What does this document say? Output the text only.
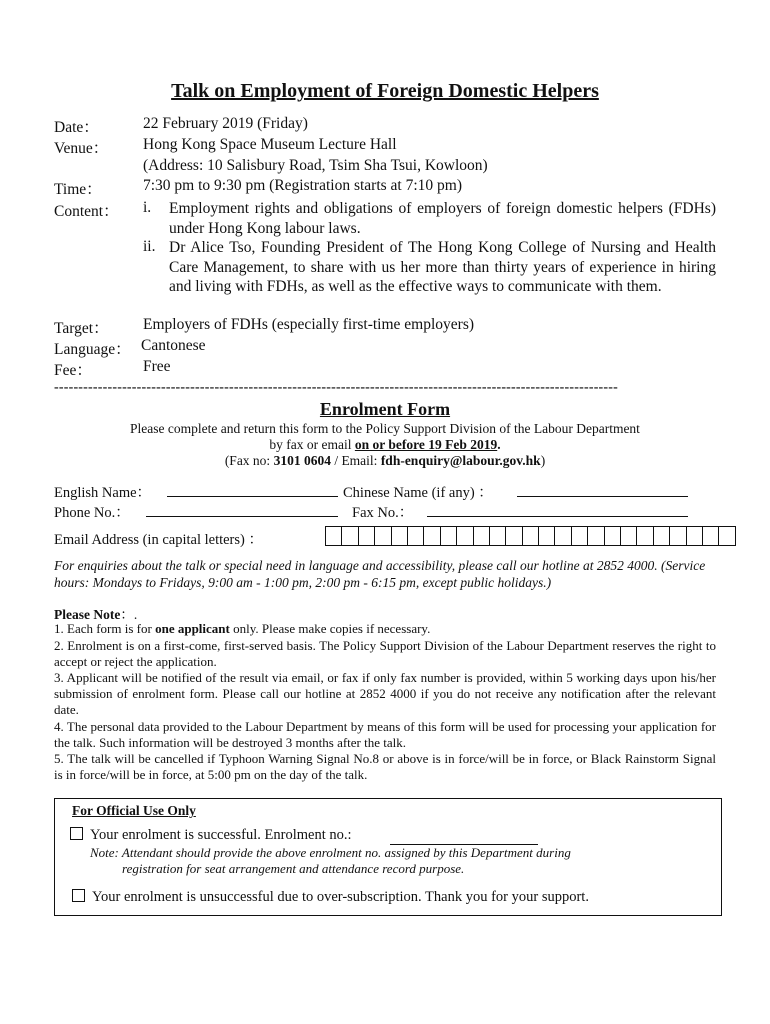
Talk on Employment of Foreign Domestic Helpers
Date：	22 February 2019 (Friday)
Venue： Hong Kong Space Museum Lecture Hall
(Address: 10 Salisbury Road, Tsim Sha Tsui, Kowloon)
Time：	7:30 pm to 9:30 pm (Registration starts at 7:10 pm)
Content： i. Employment rights and obligations of employers of foreign domestic helpers (FDHs) under Hong Kong labour laws.
ii. Dr Alice Tso, Founding President of The Hong Kong College of Nursing and Health Care Management, to share with us her more than thirty years of experience in hiring and living with FDHs, as well as the effective ways to communicate with them.
Target： Employers of FDHs (especially first-time employers)
Language： Cantonese
Fee：	Free
--------------------------------------------------------------------------------------------------------------------
Enrolment Form
Please complete and return this form to the Policy Support Division of the Labour Department
by fax or email on or before 19 Feb 2019.
(Fax no: 3101 0604 / Email: fdh-enquiry@labour.gov.hk)
English Name：	Chinese Name (if any) ：
Phone No.：	Fax No.：
Email Address (in capital letters) ：
For enquiries about the talk or special need in language and accessibility, please call our hotline at 2852 4000. (Service hours: Mondays to Fridays, 9:00 am - 1:00 pm, 2:00 pm - 6:15 pm, except public holidays.)
Please Note：.
1. Each form is for one applicant only. Please make copies if necessary.
2. Enrolment is on a first-come, first-served basis. The Policy Support Division of the Labour Department reserves the right to accept or reject the application.
3. Applicant will be notified of the result via email, or fax if only fax number is provided, within 5 working days upon his/her submission of enrolment form. Please call our hotline at 2852 4000 if you do not receive any notification after the relevant date.
4. The personal data provided to the Labour Department by means of this form will be used for processing your application for the talk. Such information will be destroyed 3 months after the talk.
5. The talk will be cancelled if Typhoon Warning Signal No.8 or above is in force/will be in force, or Black Rainstorm Signal is in force/will be in force, at 5:00 pm on the day of the talk.
For Official Use Only
Your enrolment is successful. Enrolment no.:
Note: Attendant should provide the above enrolment no. assigned by this Department during
registration for seat arrangement and attendance record purpose.
Your enrolment is unsuccessful due to over-subscription. Thank you for your support.
